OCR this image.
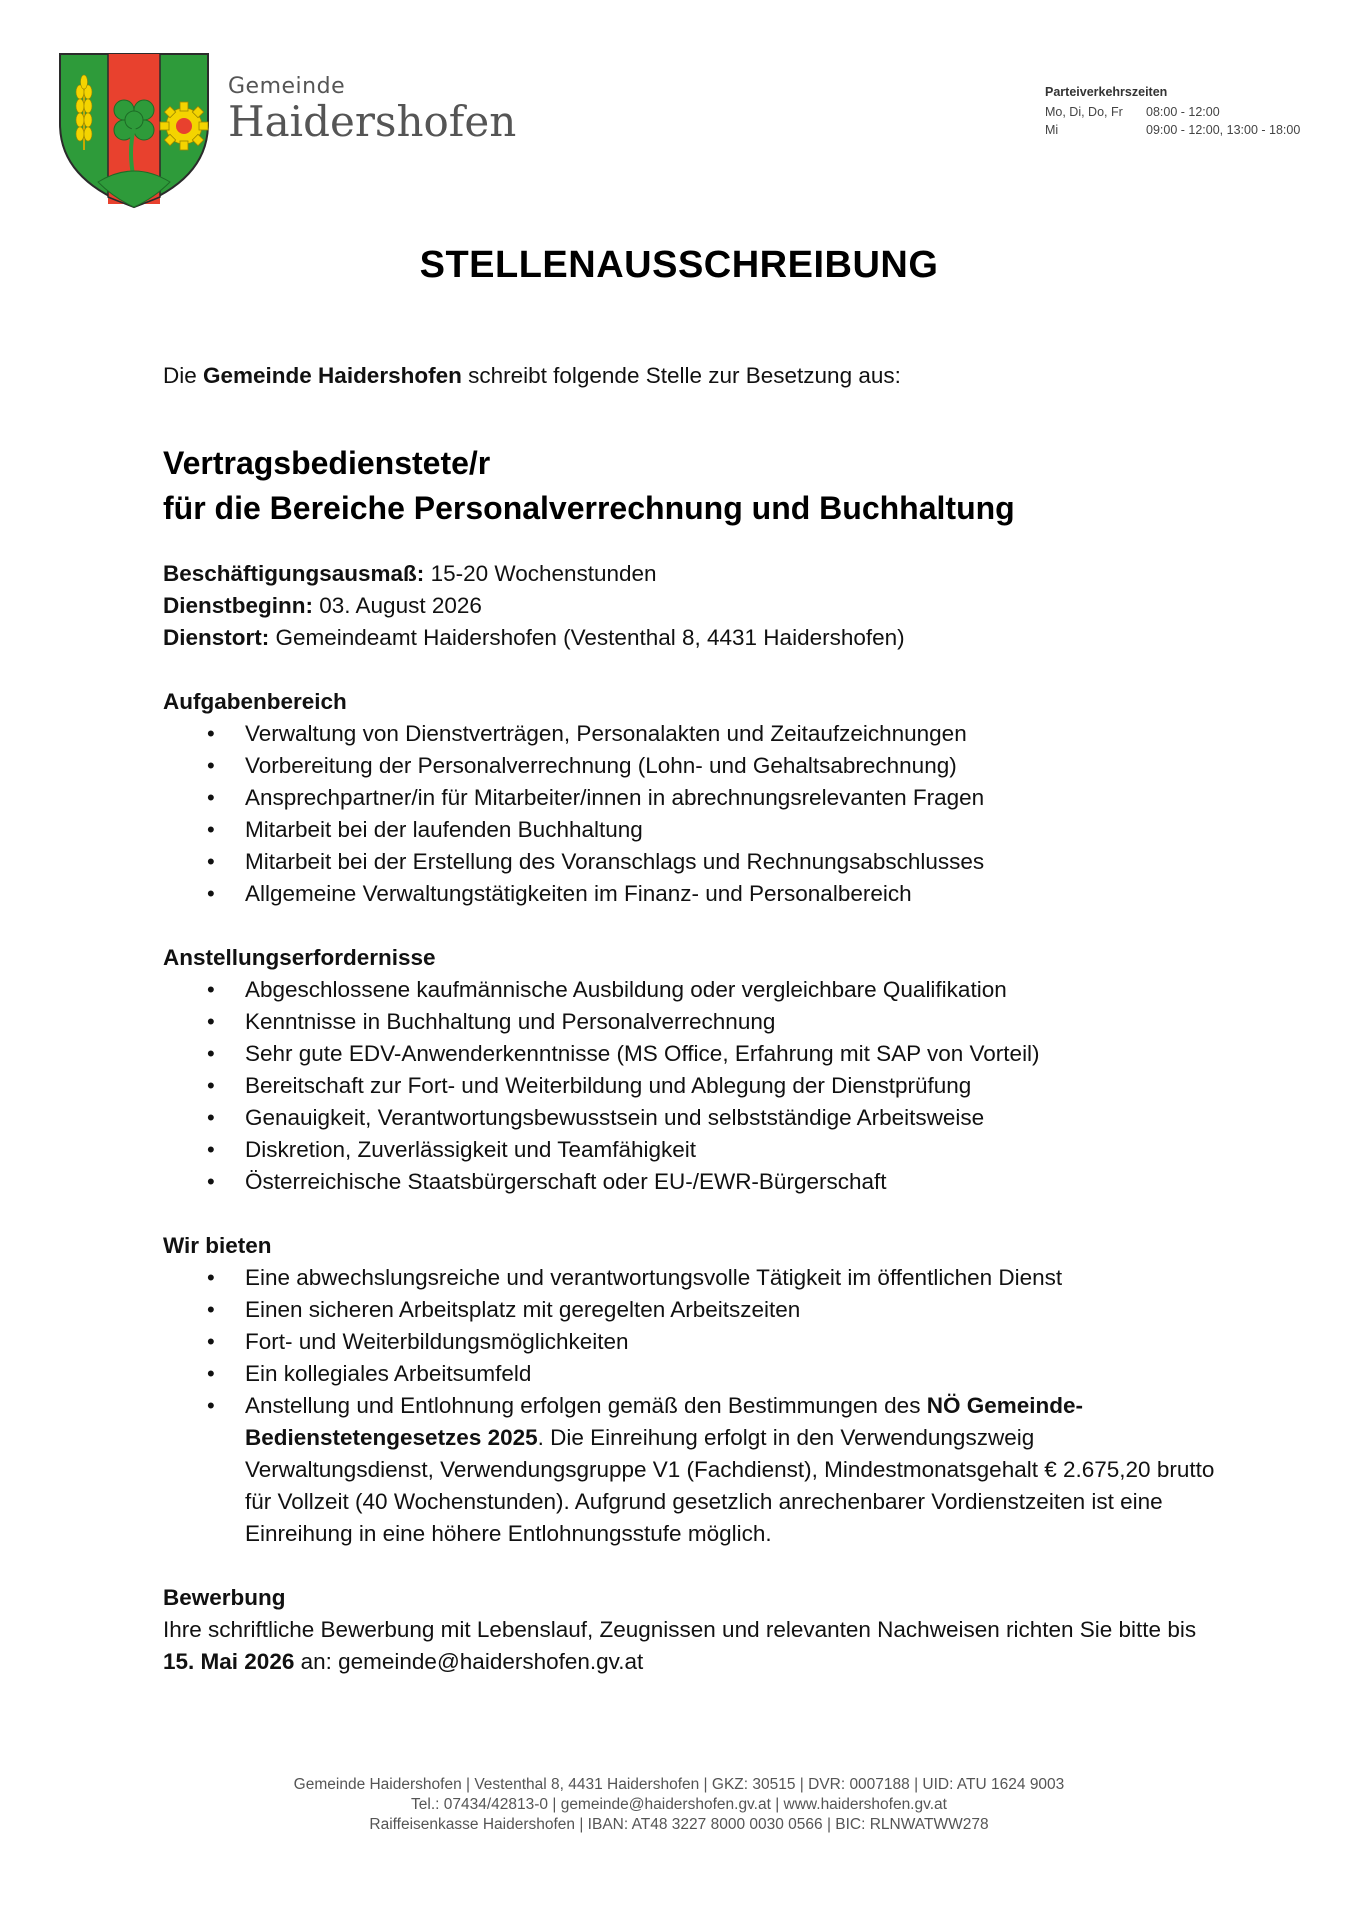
Gemeinde
Haidershofen
Parteiverkehrszeiten
Mo, Di, Do, Fr	08:00 - 12:00
Mi	09:00 - 12:00, 13:00 - 18:00
STELLENAUSSCHREIBUNG

Die Gemeinde Haidershofen schreibt folgende Stelle zur Besetzung aus:

Vertragsbedienstete/r
für die Bereiche Personalverrechnung und Buchhaltung
Beschäftigungsausmaß: 15-20 Wochenstunden
Dienstbeginn: 03. August 2026
Dienstort: Gemeindeamt Haidershofen (Vestenthal 8, 4431 Haidershofen)
Aufgabenbereich
• Verwaltung von Dienstverträgen, Personalakten und Zeitaufzeichnungen
• Vorbereitung der Personalverrechnung (Lohn- und Gehaltsabrechnung)
• Ansprechpartner/in für Mitarbeiter/innen in abrechnungsrelevanten Fragen
• Mitarbeit bei der laufenden Buchhaltung
• Mitarbeit bei der Erstellung des Voranschlags und Rechnungsabschlusses
• Allgemeine Verwaltungstätigkeiten im Finanz- und Personalbereich
Anstellungserfordernisse
• Abgeschlossene kaufmännische Ausbildung oder vergleichbare Qualifikation
• Kenntnisse in Buchhaltung und Personalverrechnung
• Sehr gute EDV-Anwenderkenntnisse (MS Office, Erfahrung mit SAP von Vorteil)
• Bereitschaft zur Fort- und Weiterbildung und Ablegung der Dienstprüfung
• Genauigkeit, Verantwortungsbewusstsein und selbstständige Arbeitsweise
• Diskretion, Zuverlässigkeit und Teamfähigkeit
• Österreichische Staatsbürgerschaft oder EU-/EWR-Bürgerschaft
Wir bieten
• Eine abwechslungsreiche und verantwortungsvolle Tätigkeit im öffentlichen Dienst
• Einen sicheren Arbeitsplatz mit geregelten Arbeitszeiten
• Fort- und Weiterbildungsmöglichkeiten
• Ein kollegiales Arbeitsumfeld
• Anstellung und Entlohnung erfolgen gemäß den Bestimmungen des NÖ Gemeinde-Bedienstetengesetzes 2025. Die Einreihung erfolgt in den Verwendungszweig Verwaltungsdienst, Verwendungsgruppe V1 (Fachdienst), Mindestmonatsgehalt € 2.675,20 brutto für Vollzeit (40 Wochenstunden). Aufgrund gesetzlich anrechenbarer Vordienstzeiten ist eine Einreihung in eine höhere Entlohnungsstufe möglich.
Bewerbung
Ihre schriftliche Bewerbung mit Lebenslauf, Zeugnissen und relevanten Nachweisen richten Sie bitte bis 15. Mai 2026 an: gemeinde@haidershofen.gv.at
Gemeinde Haidershofen | Vestenthal 8, 4431 Haidershofen | GKZ: 30515 | DVR: 0007188 | UID: ATU 1624 9003
Tel.: 07434/42813-0 | gemeinde@haidershofen.gv.at | www.haidershofen.gv.at
Raiffeisenkasse Haidershofen | IBAN: AT48 3227 8000 0030 0566 | BIC: RLNWATWW278
